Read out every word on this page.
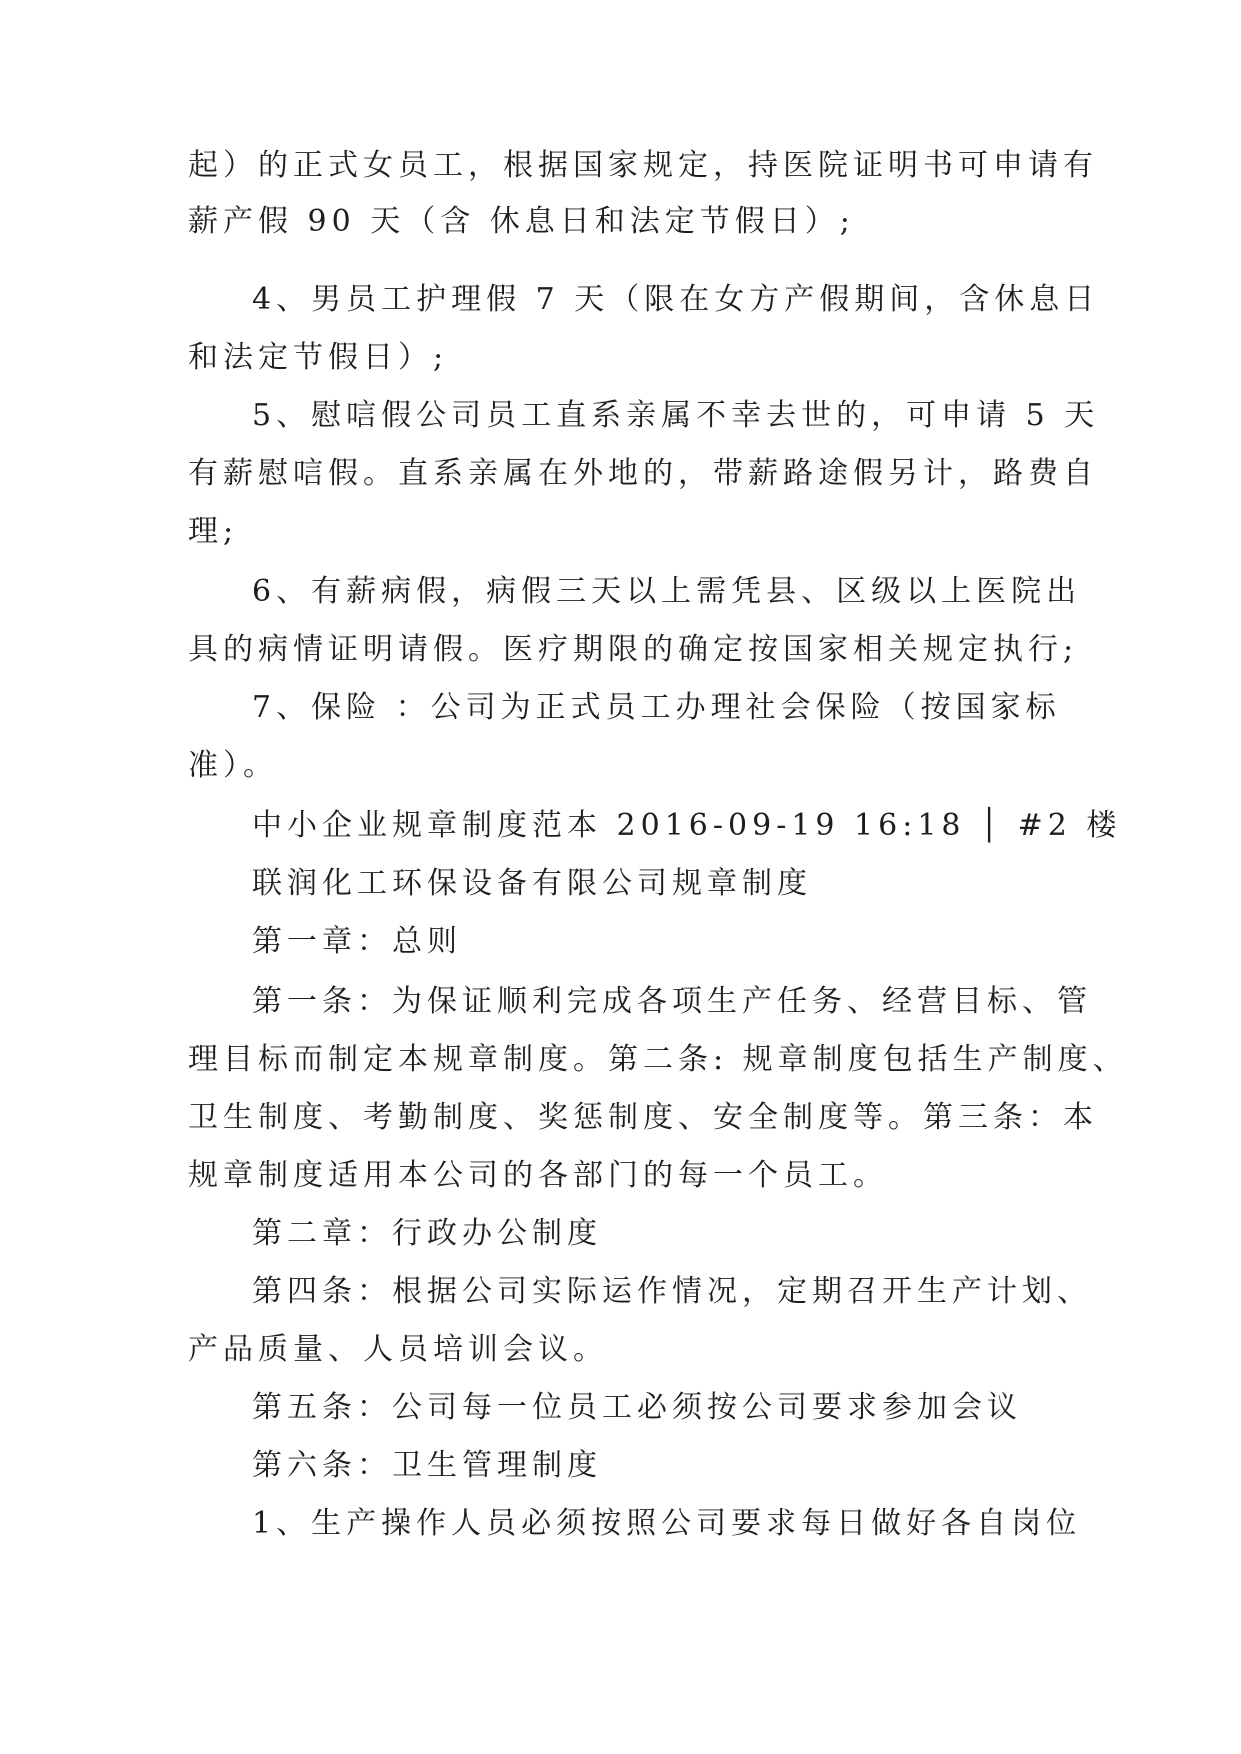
起）的正式女员工，根据国家规定，持医院证明书可申请有
薪产假 90 天（含 休息日和法定节假日）;
4、男员工护理假 7 天（限在女方产假期间，含休息日
和法定节假日）;
5、慰唁假公司员工直系亲属不幸去世的，可申请 5 天
有薪慰唁假。直系亲属在外地的，带薪路途假另计，路费自
理;
6、有薪病假，病假三天以上需凭县、区级以上医院出
具的病情证明请假。医疗期限的确定按国家相关规定执行;
7、保险 ：公司为正式员工办理社会保险（按国家标
准）。
中小企业规章制度范本 2016-09-19 16:18 │ #2 楼
联润化工环保设备有限公司规章制度
第一章：总则
第一条：为保证顺利完成各项生产任务、经营目标、管
理目标而制定本规章制度。第二条: 规章制度包括生产制度、
卫生制度、考勤制度、奖惩制度、安全制度等。第三条：本
规章制度适用本公司的各部门的每一个员工。
第二章：行政办公制度
第四条：根据公司实际运作情况，定期召开生产计划、
产品质量、人员培训会议。
第五条：公司每一位员工必须按公司要求参加会议
第六条：卫生管理制度
1、生产操作人员必须按照公司要求每日做好各自岗位
